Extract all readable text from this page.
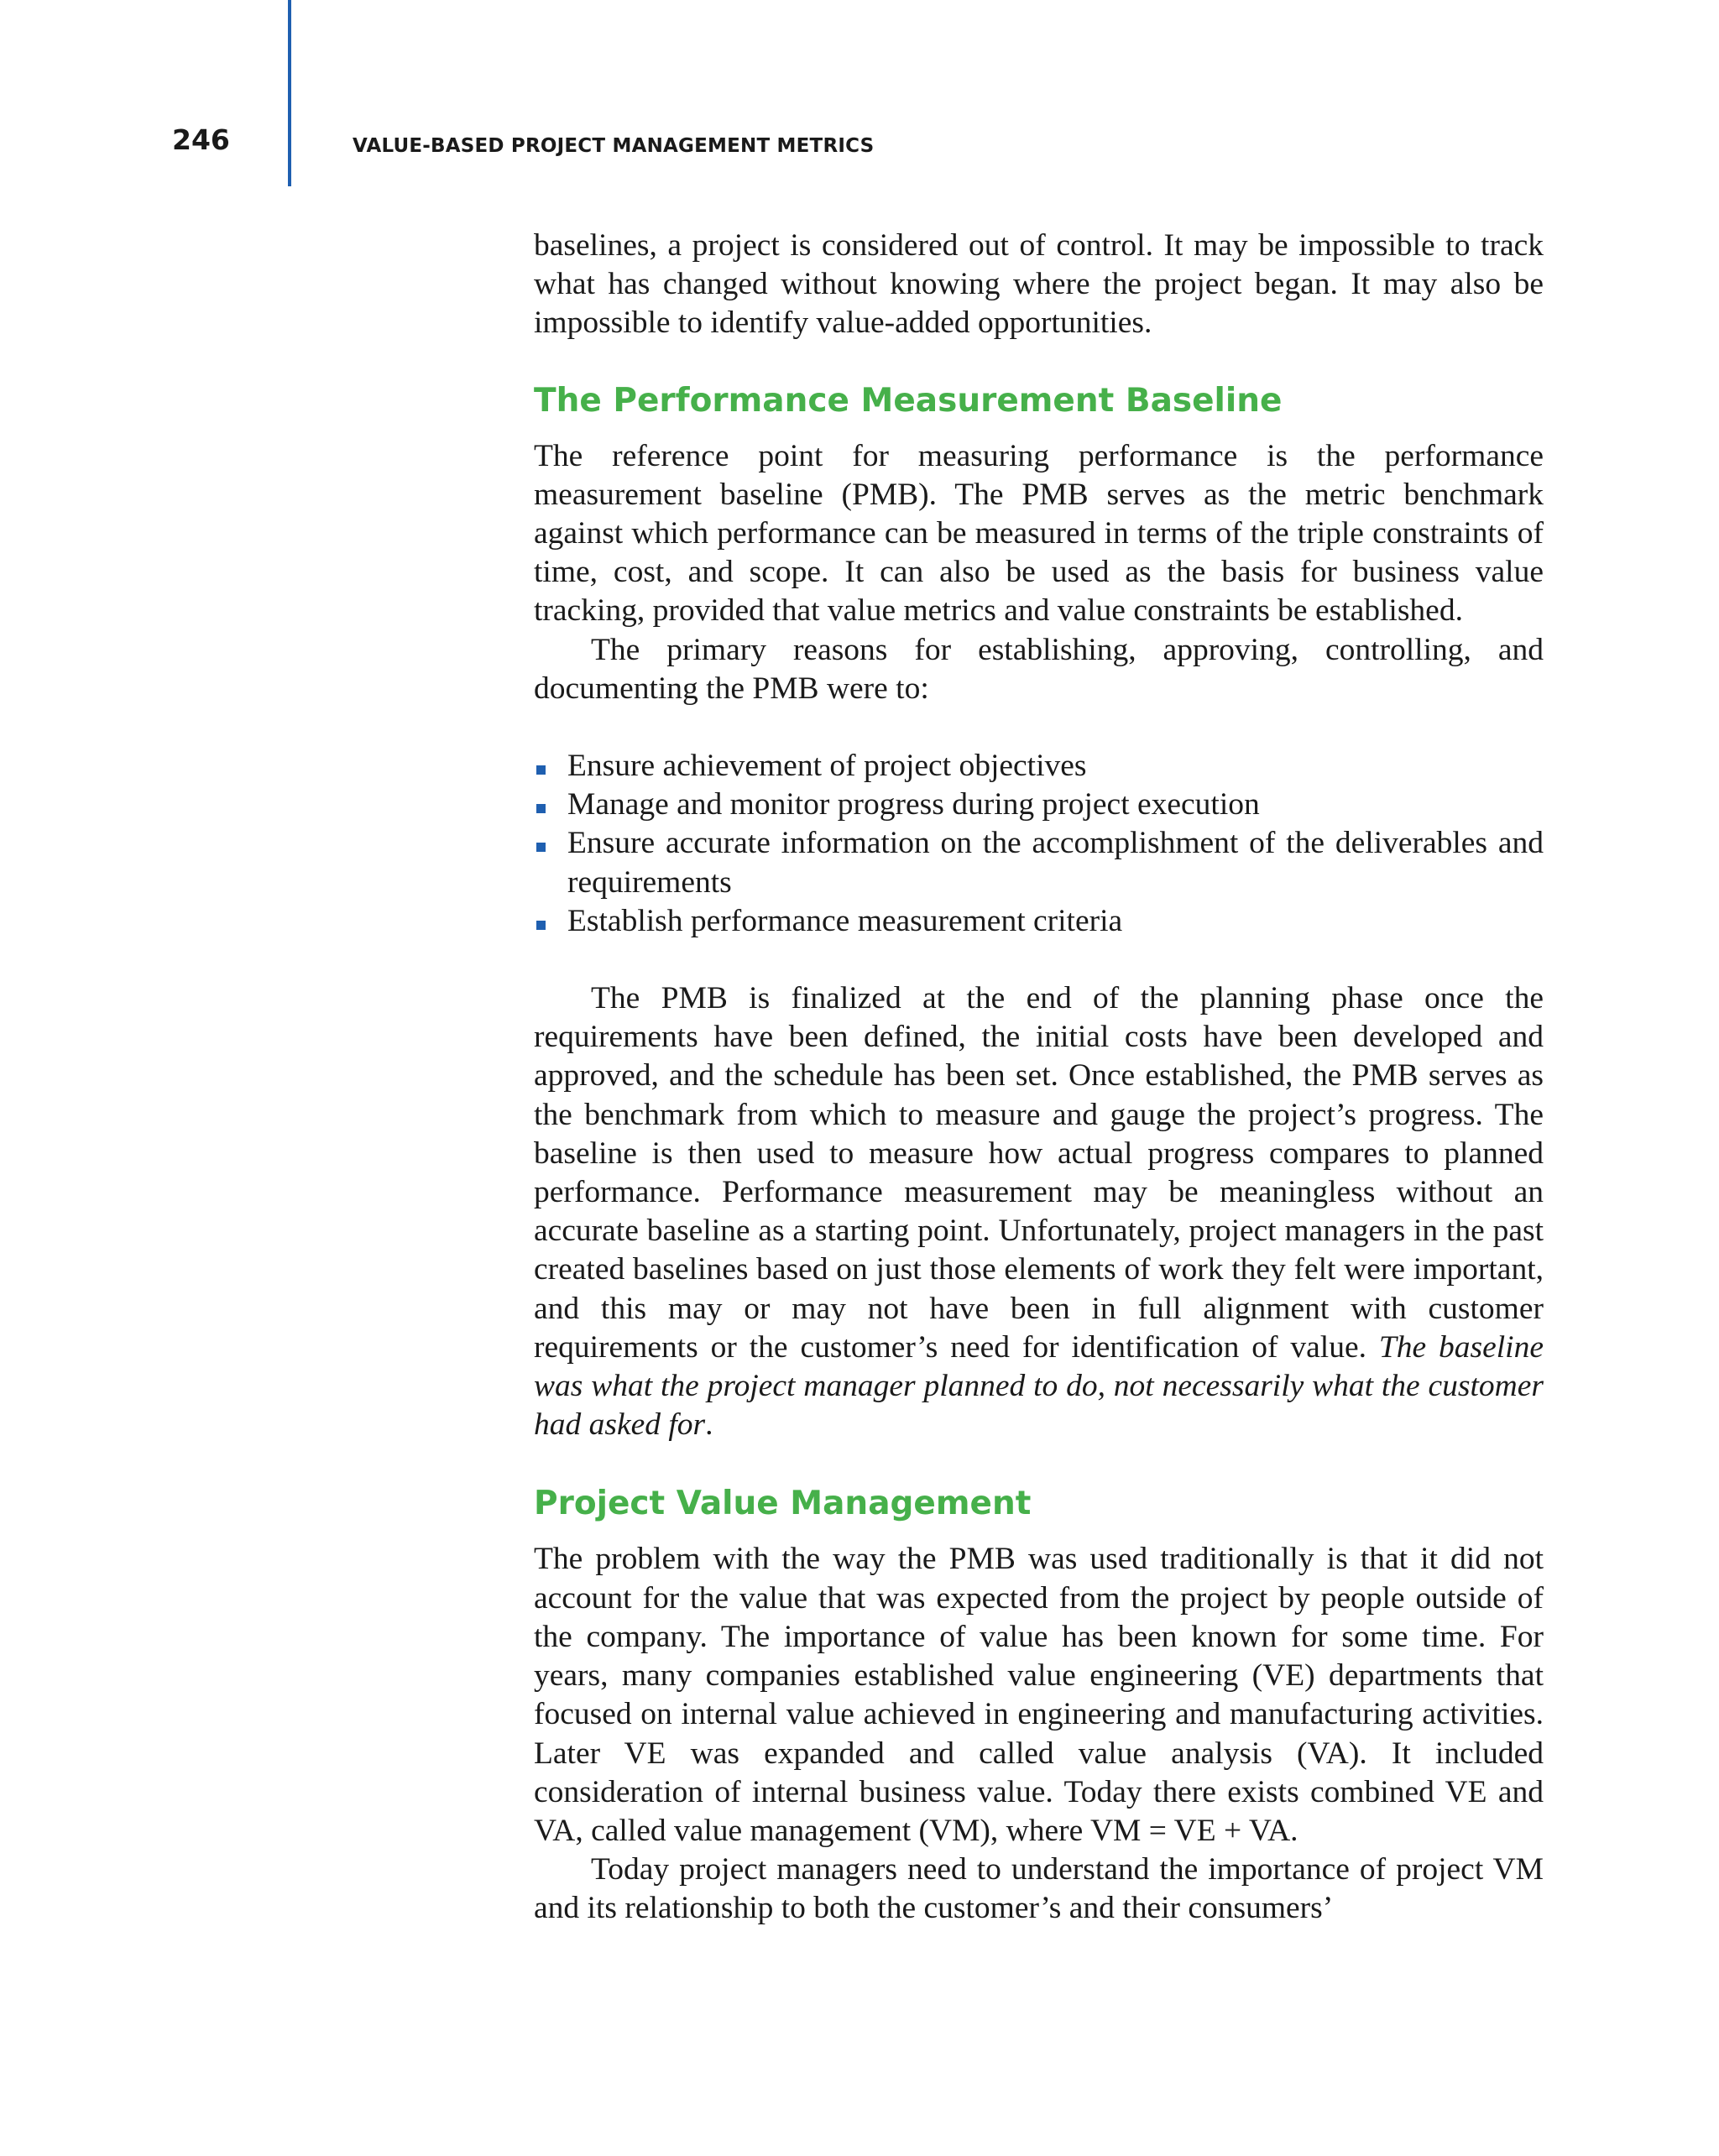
246	VALUE-BASED PROJECT MANAGEMENT METRICS

baselines, a project is considered out of control. It may be impossible to track what has changed without knowing where the project began. It may also be impossible to identify value-added opportunities.

The Performance Measurement Baseline

The reference point for measuring performance is the performance measurement baseline (PMB). The PMB serves as the metric benchmark against which performance can be measured in terms of the triple constraints of time, cost, and scope. It can also be used as the basis for business value tracking, provided that value metrics and value constraints be established.

The primary reasons for establishing, approving, controlling, and documenting the PMB were to:

Ensure achievement of project objectives
Manage and monitor progress during project execution
Ensure accurate information on the accomplishment of the deliverables and requirements
Establish performance measurement criteria

The PMB is finalized at the end of the planning phase once the requirements have been defined, the initial costs have been developed and approved, and the schedule has been set. Once established, the PMB serves as the benchmark from which to measure and gauge the project’s progress. The baseline is then used to measure how actual progress compares to planned performance. Performance measurement may be meaningless without an accurate baseline as a starting point. Unfortunately, project managers in the past created baselines based on just those elements of work they felt were important, and this may or may not have been in full alignment with customer requirements or the customer’s need for identification of value. The baseline was what the project manager planned to do, not necessarily what the customer had asked for.

Project Value Management

The problem with the way the PMB was used traditionally is that it did not account for the value that was expected from the project by people outside of the company. The importance of value has been known for some time. For years, many companies established value engineering (VE) departments that focused on internal value achieved in engineering and manufacturing activities. Later VE was expanded and called value analysis (VA). It included consideration of internal business value. Today there exists combined VE and VA, called value management (VM), where VM = VE + VA.

Today project managers need to understand the importance of project VM and its relationship to both the customer’s and their consumers’
